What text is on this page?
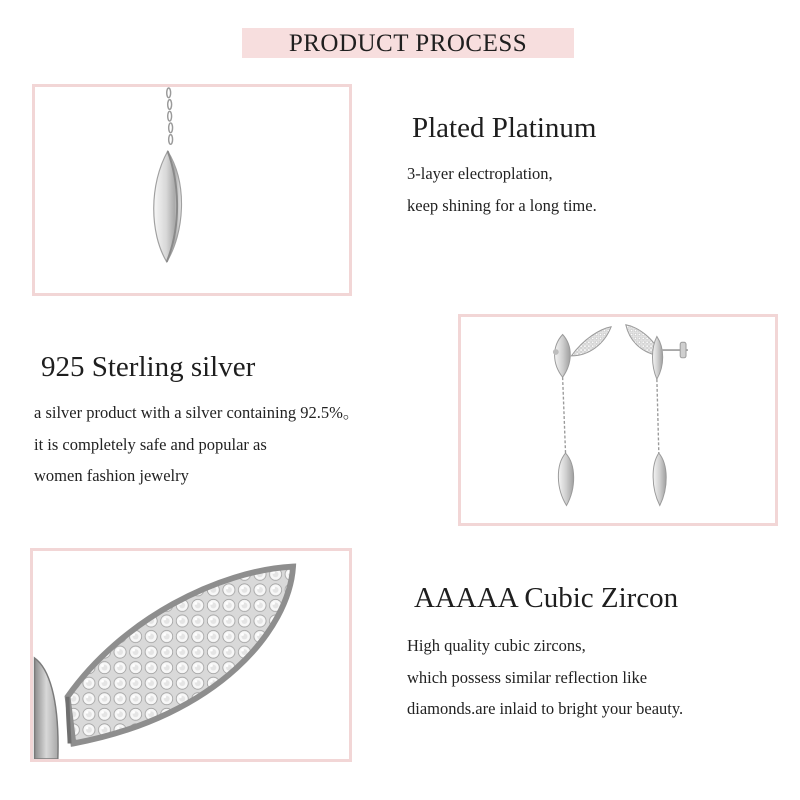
PRODUCT PROCESS
Plated Platinum
3-layer electroplation,
keep shining for a long time.
925 Sterling silver
a silver product with a silver containing 92.5%。
it is completely safe and popular as
women fashion jewelry
AAAAA Cubic Zircon
High quality cubic zircons,
which possess similar reflection like
diamonds.are inlaid to bright your beauty.
